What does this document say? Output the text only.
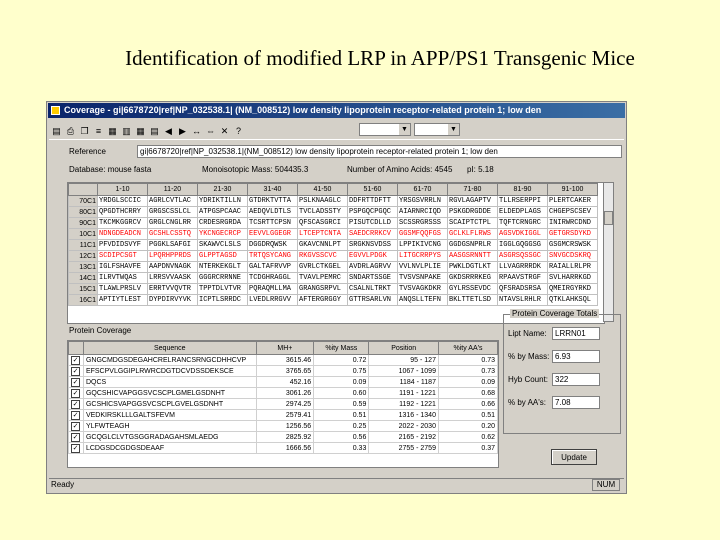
Identification of modified LRP in APP/PS1 Transgenic Mice
Coverage - gi|6678720|ref|NP_032538.1| (NM_008512) low density lipoprotein receptor-related protein 1; low den
▤ ⎙ ❐ ≡ ▦ ▥ ▦ ▤ ◀ ▶ ↔ ⇔ ✕ ?	▼	▼
Reference	gi|6678720|ref|NP_032538.1|(NM_008512) low density lipoprotein receptor-related protein 1; low den
Database: mouse fasta	Monoisotopic Mass: 504435.3	Number of Amino Acids: 4545 pI: 5.18
	1-10	11-20	21-30	31-40	41-50	51-60	61-70	71-80	81-90	91-100
70C1	YRDGLSCCIC	AGRLCVTLAC	YDRIKTILLN	GTDRKTVTTA	PSLKNAAGLC	DDFRTTDFTT	YRSGSVRRLN	RGVLAGAPTV	TLLRSERPPI	PLERTCAKER
80C1	QPGDTHCRRY	GRGSCSSLCL	ATPGSPCAAC	AEDQVLDTLS	TVCLADSSTY	PSPGQCPGQC	AIARNRCIQD	PSKGDRGDDE	ELDEDPLAGS	CHGEPSCSEV
90C1	TKCMKGGRCV	GRGLCNGLRR	CRDESRGRDA	TCSRTTCPSN	QFSCASGRCI	PISUTCDLLD	SCSSRGRSSS	SCAIPTCTPL	TQFTCRNGRC	INIRWRCDND
10C1	NDNGDEADCN	GCSHLCSSTQ	YKCNGECRCP	EEVVLGGEGR	LTCEPTCNTA	SAEDCRRKCV	GGSMFQQFGS	GCLKLFLRWS	AGSVDKIGGL	GETGRSDYKD
11C1	PFVDIDSVYF	PGGKLSAFGI	SKAWVCLSLS	DGGDRQWSK	GKAVCNNLPT	SRGKNSVDSS	LPPIKIVCNG	GGDGSNPRLR	IGGLGQGGSG	GSGMCRSWSK
12C1	SCDIPCSGT	LPQRHPPRDS	GLPPTAGSD	TRTQSYCANG	RKGVSSCVC	EGVVLPDGK	LITGCRRPYS	AASGSRNNTT	ASGRSQSSGC	SNVGCDSKRQ
13C1	IGLFSHAVFE	AAPDNVNAGK	NTERKEKGLT	GALTAFRVVP	GVRLCTKGEL	AVDRLAGRVV	VVLNVLPLIE	PWKLDGTLKT	LLVAGRRRDK	RAIALLRLPR
14C1	ILRVTWQAS	LRRSVVAASK	GGGRCRRNNE	TCDGHRAGGL	TVAVLPEMRC	SNDARTSSGE	TVSVSNPAKE	GKDSRRRKEG	RPAAVSTRGF	SVLHARRKGD
15C1	TLAWLPRSLV	ERRTVVQVTR	TPPTDLVTVR	PQRAQMLLMA	GRANGSRPVL	CSALNLTRKT	TVSVAGKDKR	GYLRSSEVDC	QFSRADSRSA	QMEIRGYRKD
16C1	APTIYTLEST	DYPDIRVYVK	ICPTLSRRDC	LVEDLRRGVV	AFTERGRGGY	GTTRSARLVN	ANQSLLTEFN	BKLTTETLSD	NTAVSLRHLR	QTKLAHKSQL
Protein Coverage
	Sequence	MH+	%ity Mass	Position	%ity AA's
✓	GNGCMDGSDEGAHCRELRANCSRNGCDHHCVP	3615.46	0.72	95 - 127	0.73
✓	EFSCPVLGGIPLRWRCDGTDCVDSSDEKSCE	3765.65	0.75	1067 - 1099	0.73
✓	DQCS	452.16	0.09	1184 - 1187	0.09
✓	GQCSHICVAPGGSVCSCPLGMELGSDNHT	3061.26	0.60	1191 - 1221	0.68
✓	GCSHICSVAPGGSVCSCPLGVELGSDNHT	2974.25	0.59	1192 - 1221	0.66
✓	VEDKIRSKLLLGALTSFEVM	2579.41	0.51	1316 - 1340	0.51
✓	YLFWTEAGH	1256.56	0.25	2022 - 2030	0.20
✓	GCQGLCLVTGSGGRADAGAHSMLAEDG	2825.92	0.56	2165 - 2192	0.62
✓	LCDGSDCGDGSDEAAF	1666.56	0.33	2755 - 2759	0.37
Protein Coverage Totals
Lipt Name:	LRRN01
% by Mass: 6.93
Hyb Count: 322
% by AA's:	7.08
Update
Ready	NUM
